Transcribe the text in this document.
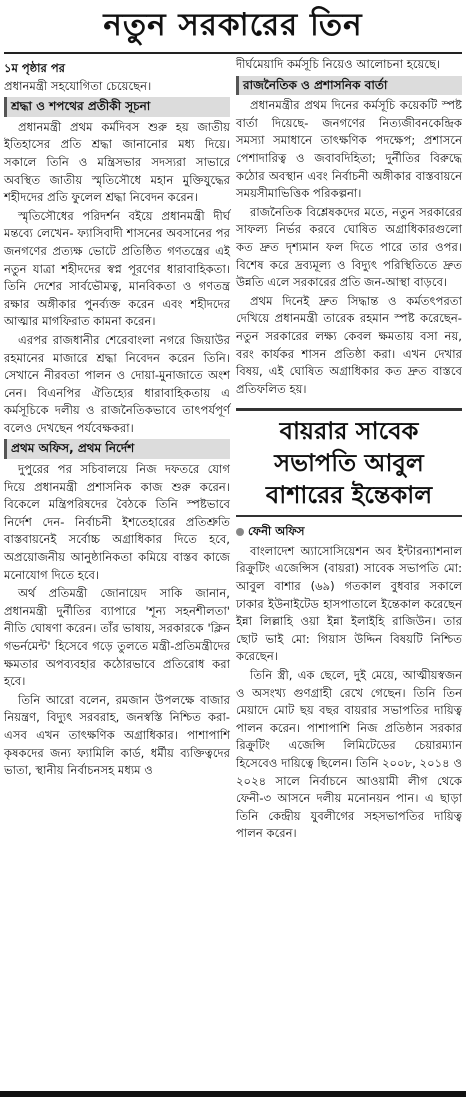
নতুন সরকারের তিন
১ম পৃষ্ঠার পর

প্রধানমন্ত্রী সহযোগিতা চেয়েছেন।

শ্রদ্ধা ও শপথের প্রতীকী সূচনা

প্রধানমন্ত্রী প্রথম কর্মদিবস শুরু হয় জাতীয় ইতিহাসের প্রতি শ্রদ্ধা জানানোর মধ্য দিয়ে। সকালে তিনি ও মন্ত্রিসভার সদস্যরা সাভারে অবস্থিত জাতীয় স্মৃতিসৌধে মহান মুক্তিযুদ্ধের শহীদদের প্রতি ফুলেল শ্রদ্ধা নিবেদন করেন।

স্মৃতিসৌধের পরিদর্শন বইয়ে প্রধানমন্ত্রী দীর্ঘ মন্তব্যে লেখেন- ফ্যাসিবাদী শাসনের অবসানের পর জনগণের প্রত্যক্ষ ভোটে প্রতিষ্ঠিত গণতন্ত্রের এই নতুন যাত্রা শহীদদের স্বপ্ন পূরণের ধারাবাহিকতা। তিনি দেশের সার্বভৌমত্ব, মানবিকতা ও গণতন্ত্র রক্ষার অঙ্গীকার পুনর্ব্যক্ত করেন এবং শহীদদের আত্মার মাগফিরাত কামনা করেন।

এরপর রাজধানীর শেরেবাংলা নগরে জিয়াউর রহমানের মাজারে শ্রদ্ধা নিবেদন করেন তিনি। সেখানে নীরবতা পালন ও দোয়া-মুনাজাতে অংশ নেন। বিএনপির ঐতিহ্যের ধারাবাহিকতায় এ কর্মসূচিকে দলীয় ও রাজনৈতিকভাবে তাৎপর্যপূর্ণ বলেও দেখছেন পর্যবেক্ষকরা।

প্রথম অফিস, প্রথম নির্দেশ

দুপুরের পর সচিবালয়ে নিজ দফতরে যোগ দিয়ে প্রধানমন্ত্রী প্রশাসনিক কাজ শুরু করেন। বিকেলে মন্ত্রিপরিষদের বৈঠকে তিনি স্পষ্টভাবে নির্দেশ দেন- নির্বাচনী ইশতেহারের প্রতিশ্রুতি বাস্তবায়নেই সর্বোচ্চ অগ্রাধিকার দিতে হবে, অপ্রয়োজনীয় আনুষ্ঠানিকতা কমিয়ে বাস্তব কাজে মনোযোগ দিতে হবে।

অর্থ প্রতিমন্ত্রী জোনায়েদ সাকি জানান, প্রধানমন্ত্রী দুর্নীতির ব্যাপারে 'শূন্য সহনশীলতা' নীতি ঘোষণা করেন। তাঁর ভাষায়, সরকারকে 'ক্লিন গভর্নমেন্ট' হিসেবে গড়ে তুলতে মন্ত্রী-প্রতিমন্ত্রীদের ক্ষমতার অপব্যবহার কঠোরভাবে প্রতিরোধ করা হবে।

তিনি আরো বলেন, রমজান উপলক্ষে বাজার নিয়ন্ত্রণ, বিদ্যুৎ সরবরাহ, জনস্বস্তি নিশ্চিত করা- এসব এখন তাৎক্ষণিক অগ্রাধিকার। পাশাপাশি কৃষকদের জন্য ফ্যামিলি কার্ড, ধর্মীয় ব্যক্তিত্বদের ভাতা, স্থানীয় নির্বাচনসহ মধ্যম ও

দীর্ঘমেয়াদি কর্মসূচি নিয়েও আলোচনা হয়েছে।

রাজনৈতিক ও প্রশাসনিক বার্তা

প্রধানমন্ত্রীর প্রথম দিনের কর্মসূচি কয়েকটি স্পষ্ট বার্তা দিয়েছে- জনগণের নিত্যজীবনকেন্দ্রিক সমস্যা সমাধানে তাৎক্ষণিক পদক্ষেপ; প্রশাসনে পেশাদারিত্ব ও জবাবদিহিতা; দুর্নীতির বিরুদ্ধে কঠোর অবস্থান এবং নির্বাচনী অঙ্গীকার বাস্তবায়নে সময়সীমাভিত্তিক পরিকল্পনা।

রাজনৈতিক বিশ্লেষকদের মতে, নতুন সরকারের সাফল্য নির্ভর করবে ঘোষিত অগ্রাধিকারগুলো কত দ্রুত দৃশ্যমান ফল দিতে পারে তার ওপর। বিশেষ করে দ্রব্যমূল্য ও বিদ্যুৎ পরিস্থিতিতে দ্রুত উন্নতি এলে সরকারের প্রতি জন-আস্থা বাড়বে।

প্রথম দিনেই দ্রুত সিদ্ধান্ত ও কর্মতৎপরতা দেখিয়ে প্রধানমন্ত্রী তারেক রহমান স্পষ্ট করেছেন- নতুন সরকারের লক্ষ্য কেবল ক্ষমতায় বসা নয়, বরং কার্যকর শাসন প্রতিষ্ঠা করা। এখন দেখার বিষয়, এই ঘোষিত অগ্রাধিকার কত দ্রুত বাস্তবে প্রতিফলিত হয়।

বায়রার সাবেক সভাপতি আবুল বাশারের ইন্তেকাল
ফেনী অফিস

বাংলাদেশ অ্যাসোসিয়েশন অব ইন্টারন্যাশনাল রিক্রুটিং এজেন্সিস (বায়রা) সাবেক সভাপতি মো: আবুল বাশার (৬৯) গতকাল বুধবার সকালে ঢাকার ইউনাইটেড হাসপাতালে ইন্তেকাল করেছেন ইন্না লিল্লাহি ওয়া ইন্না ইলাইহি রাজিউন। তার ছোট ভাই মো: গিয়াস উদ্দিন বিষয়টি নিশ্চিত করেছেন।

তিনি স্ত্রী, এক ছেলে, দুই মেয়ে, আত্মীয়স্বজন ও অসংখ্য গুণগ্রাহী রেখে গেছেন। তিনি তিন মেয়াদে মোট ছয় বছর বায়রার সভাপতির দায়িত্ব পালন করেন। পাশাপাশি নিজ প্রতিষ্ঠান সরকার রিক্রুটিং এজেন্সি লিমিটেডের চেয়ারম্যান হিসেবেও দায়িত্বে ছিলেন। তিনি ২০০৮, ২০১৪ ও ২০২৪ সালে নির্বাচনে আওয়ামী লীগ থেকে ফেনী-৩ আসনে দলীয় মনোনয়ন পান। এ ছাড়া তিনি কেন্দ্রীয় যুবলীগের সহসভাপতির দায়িত্ব পালন করেন।
